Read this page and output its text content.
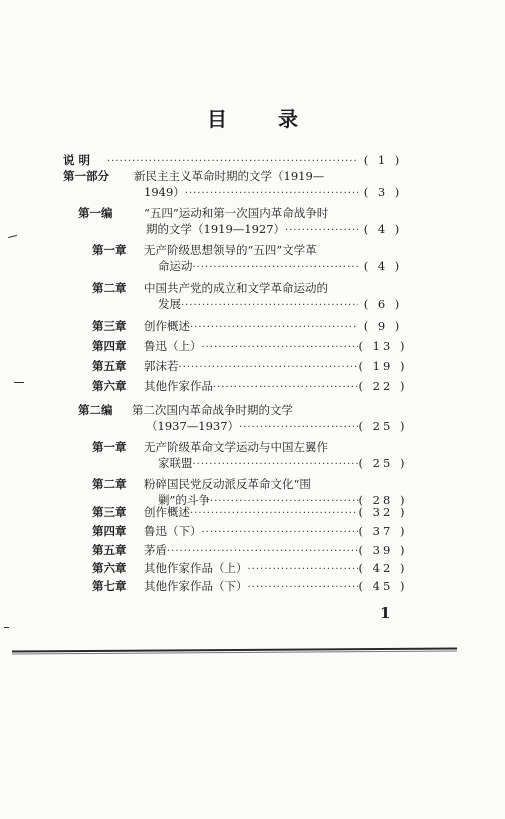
目 录
说 明 ·····	( 1 )
第一部分 新民主主义革命时期的文学（1919—
1949） ·····	( 3 )
第一编	“五四”运动和第一次国内革命战争时
期的文学（1919—1927） ·····	( 4 )
第一章 无产阶级思想领导的“五四”文学革
命运动 ·····	( 4 )
第二章 中国共产党的成立和文学革命运动的
发展 ·····	( 6 )
第三章 创作概述 ·····	( 9 )
第四章 鲁迅（上） ·····	( 13 )
第五章 郭沫若 ·····	( 19 )
第六章 其他作家作品 ·····	( 22 )
第二编 第二次国内革命战争时期的文学
（1937—1937） ·····	( 25 )
第一章 无产阶级革命文学运动与中国左翼作
家联盟 ·····	( 25 )
第二章 粉碎国民党反动派反革命文化“围
剿”的斗争 ·····	( 28 )
第三章 创作概述 ·····	( 32 )
第四章 鲁迅（下） ·····	( 37 )
第五章 茅盾 ·····	( 39 )
第六章 其他作家作品（上） ·····	( 42 )
第七章 其他作家作品（下） ·····	( 45 )
1
